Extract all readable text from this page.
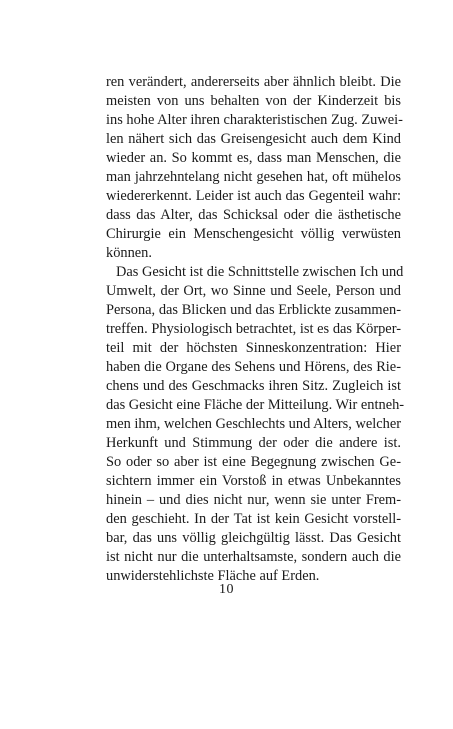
ren verändert, andererseits aber ähnlich bleibt. Die
meisten von uns behalten von der Kinderzeit bis
ins hohe Alter ihren charakteristischen Zug. Zuwei-
len nähert sich das Greisengesicht auch dem Kind
wieder an. So kommt es, dass man Menschen, die
man jahrzehntelang nicht gesehen hat, oft mühelos
wiedererkennt. Leider ist auch das Gegenteil wahr:
dass das Alter, das Schicksal oder die ästhetische
Chirurgie ein Menschengesicht völlig verwüsten
können.
Das Gesicht ist die Schnittstelle zwischen Ich und
Umwelt, der Ort, wo Sinne und Seele, Person und
Persona, das Blicken und das Erblickte zusammen-
treffen. Physiologisch betrachtet, ist es das Körper-
teil mit der höchsten Sinneskonzentration: Hier
haben die Organe des Sehens und Hörens, des Rie-
chens und des Geschmacks ihren Sitz. Zugleich ist
das Gesicht eine Fläche der Mitteilung. Wir entneh-
men ihm, welchen Geschlechts und Alters, welcher
Herkunft und Stimmung der oder die andere ist.
So oder so aber ist eine Begegnung zwischen Ge-
sichtern immer ein Vorstoß in etwas Unbekanntes
hinein – und dies nicht nur, wenn sie unter Frem-
den geschieht. In der Tat ist kein Gesicht vorstell-
bar, das uns völlig gleichgültig lässt. Das Gesicht
ist nicht nur die unterhaltsamste, sondern auch die
unwiderstehlichste Fläche auf Erden.
10
